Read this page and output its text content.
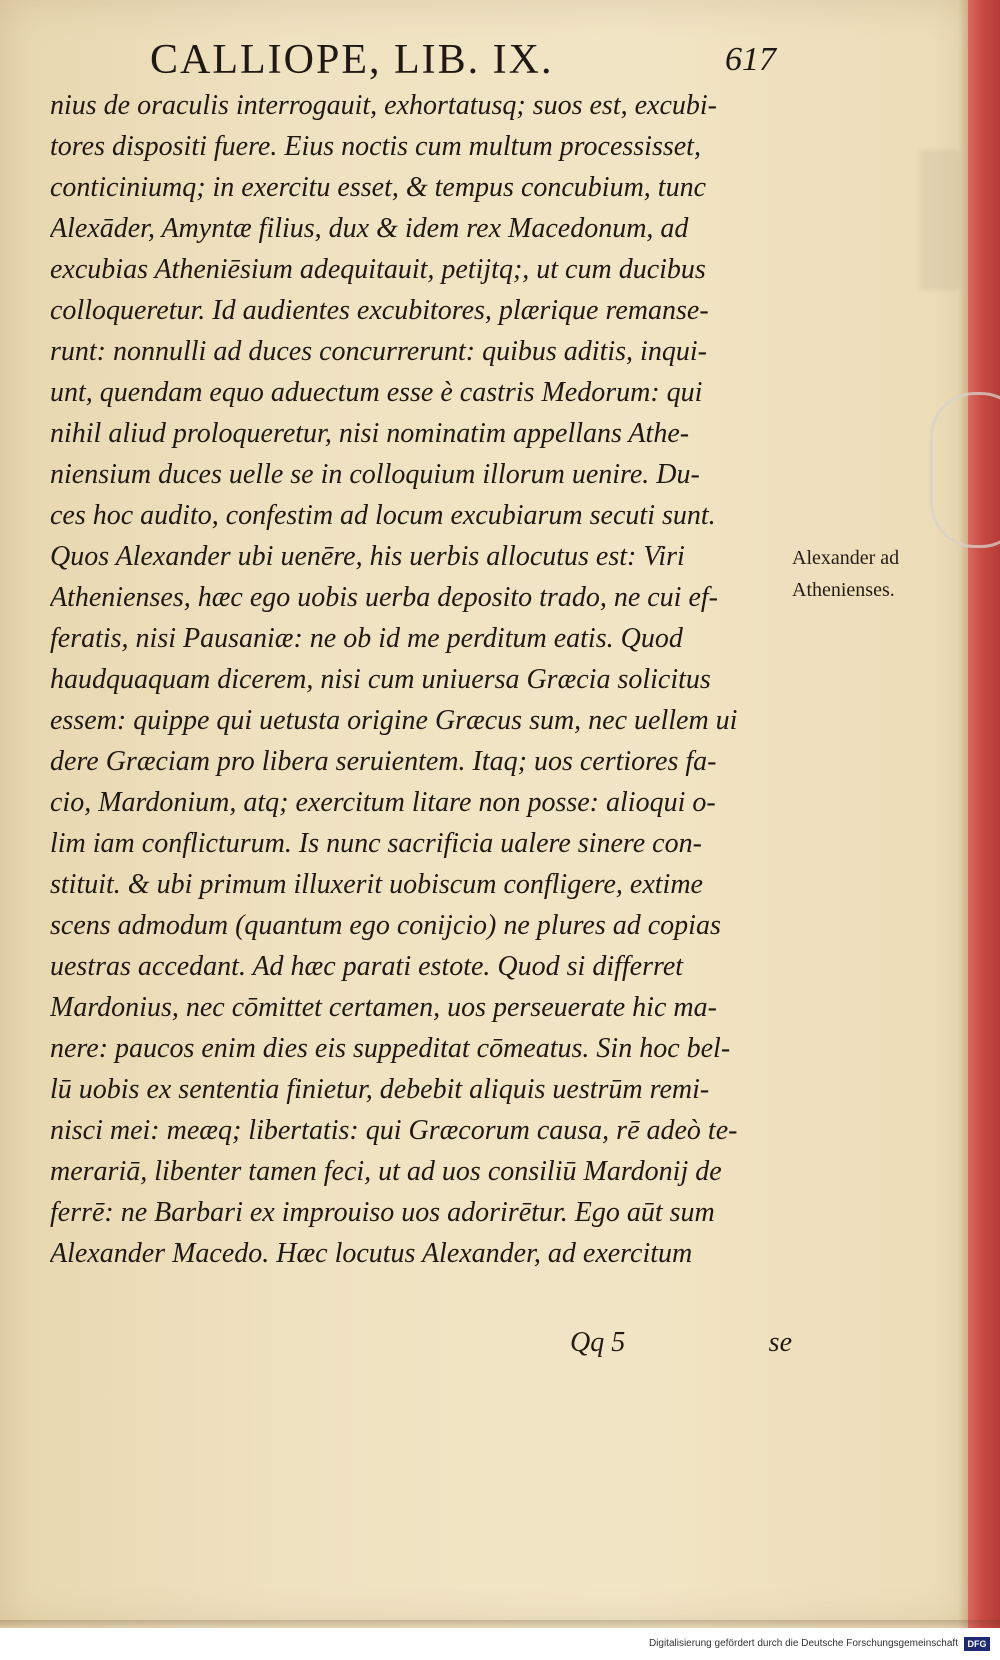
CALLIOPE, LIB. IX.	617
nius de oraculis interrogauit, exhortatusq; suos est, excubi-
tores dispositi fuere. Eius noctis cum multum processisset,
conticiniumq; in exercitu esset, & tempus concubium, tunc
Alexāder, Amyntæ filius, dux & idem rex Macedonum, ad
excubias Atheniēsium adequitauit, petijtq;, ut cum ducibus
colloqueretur. Id audientes excubitores, plærique remanse-
runt: nonnulli ad duces concurrerunt: quibus aditis, inqui-
unt, quendam equo aduectum esse è castris Medorum: qui
nihil aliud proloqueretur, nisi nominatim appellans Athe-
niensium duces uelle se in colloquium illorum uenire. Du-
ces hoc audito, confestim ad locum excubiarum secuti sunt.
Quos Alexander ubi uenēre, his uerbis allocutus est: Viri
Athenienses, hæc ego uobis uerba deposito trado, ne cui ef-
feratis, nisi Pausaniæ: ne ob id me perditum eatis. Quod
haudquaquam dicerem, nisi cum uniuersa Græcia solicitus
essem: quippe qui uetusta origine Græcus sum, nec uellem ui
dere Græciam pro libera seruientem. Itaq; uos certiores fa-
cio, Mardonium, atq; exercitum litare non posse: alioqui o-
lim iam conflicturum. Is nunc sacrificia ualere sinere con-
stituit. & ubi primum illuxerit uobiscum confligere, extime
scens admodum (quantum ego conijcio) ne plures ad copias
uestras accedant. Ad hæc parati estote. Quod si differret
Mardonius, nec cōmittet certamen, uos perseuerate hic ma-
nere: paucos enim dies eis suppeditat cōmeatus. Sin hoc bel-
lū uobis ex sententia finietur, debebit aliquis uestrūm remi-
nisci mei: meæq; libertatis: qui Græcorum causa, rē adeò te-
merariā, libenter tamen feci, ut ad uos consiliū Mardonij de
ferrē: ne Barbari ex improuiso uos adorirētur. Ego aūt sum
Alexander Macedo. Hæc locutus Alexander, ad exercitum
Alexander ad
Athenienses.
Qq 5	se
Digitalisierung gefördert durch die Deutsche Forschungsgemeinschaft	DFG
